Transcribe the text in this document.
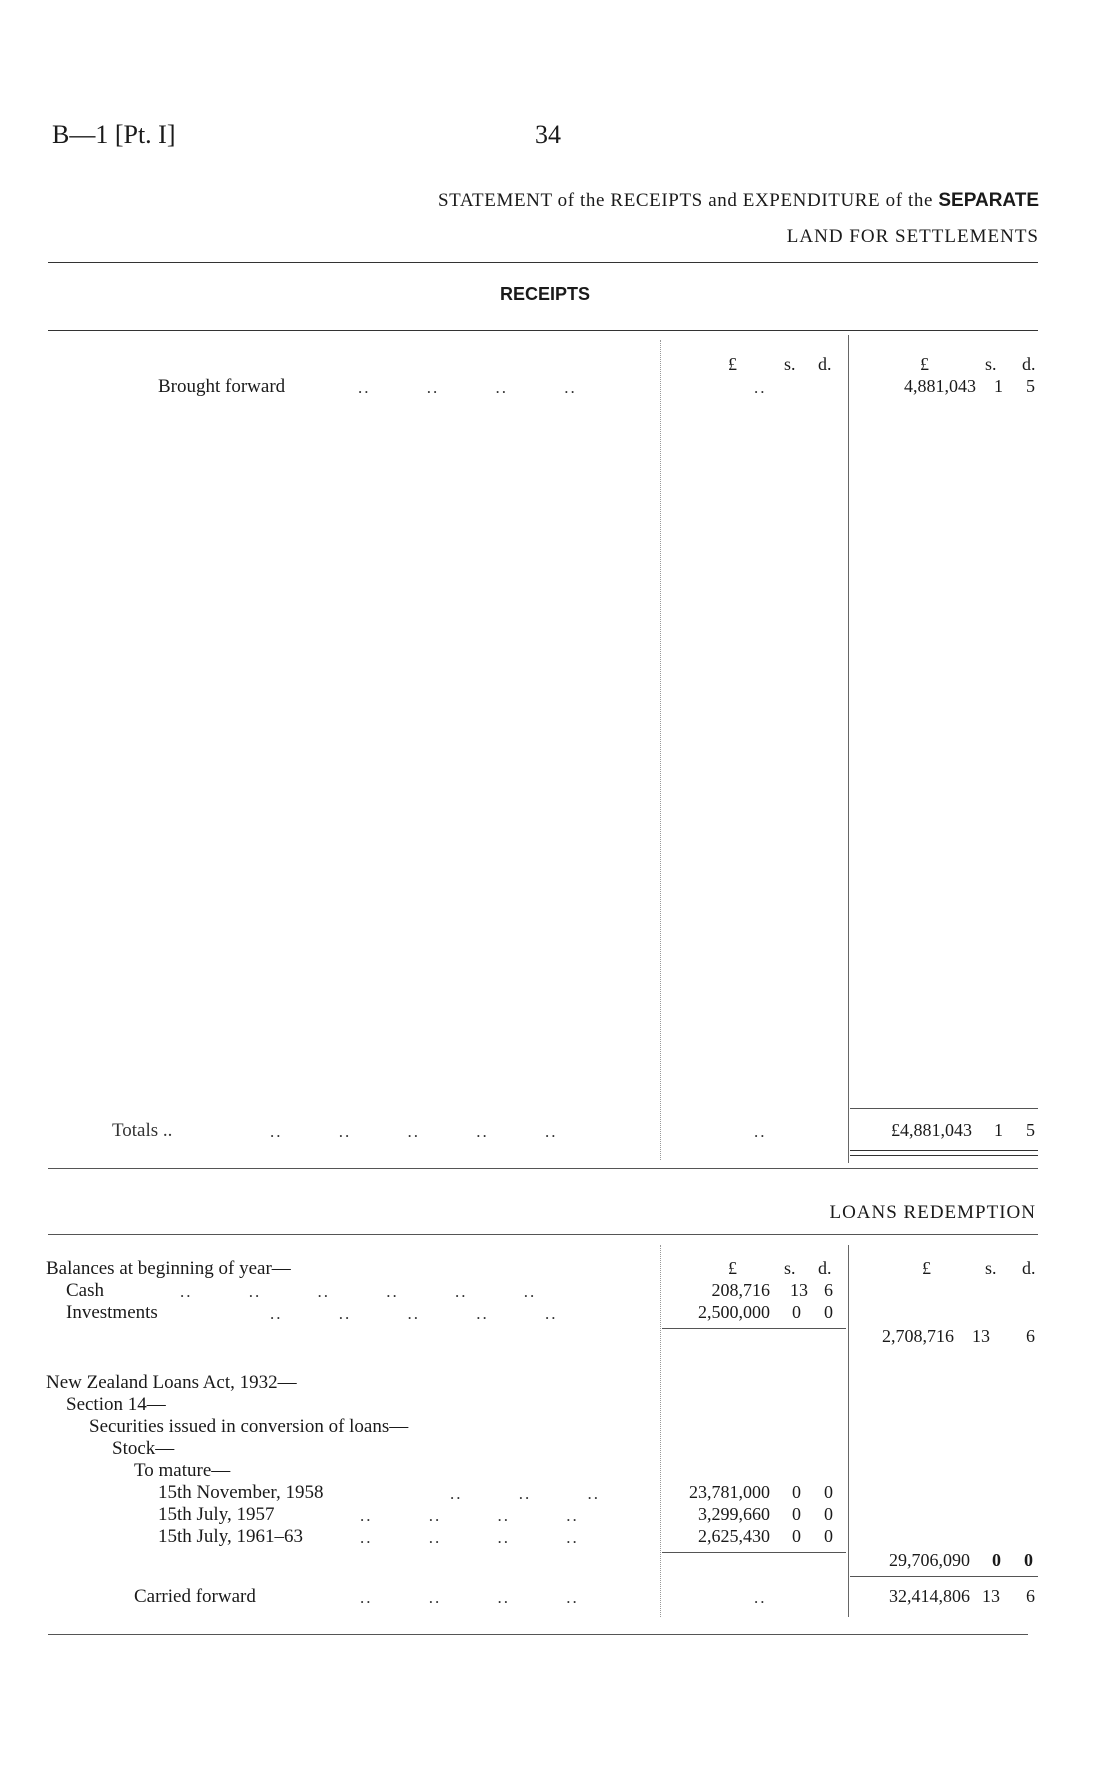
B—1 [Pt. I]	34
STATEMENT of the RECEIPTS and EXPENDITURE of the SEPARATE
LAND FOR SETTLEMENTS
RECEIPTS
£	s. d.	£	s. d.
Brought forward	..         ..         ..         ..	..	4,881,043 1 5
Totals ..	..         ..         ..         ..         ..	..	£4,881,043 1 5
LOANS REDEMPTION
£	s. d.	£	s. d.
Balances at beginning of year—
Cash	..         ..         ..         ..         ..         ..	208,716 13 6
Investments	..         ..         ..         ..         ..	2,500,000 0 0
2,708,716 13 6
New Zealand Loans Act, 1932—
Section 14—
Securities issued in conversion of loans—
Stock—
To mature—
15th November, 1958	..         ..         ..	23,781,000 0 0
15th July, 1957	..         ..         ..         ..	3,299,660 0 0
15th July, 1961–63	..         ..         ..         ..	2,625,430 0 0
29,706,090 0 0
Carried forward	..         ..         ..         ..	..	32,414,806 13 6
